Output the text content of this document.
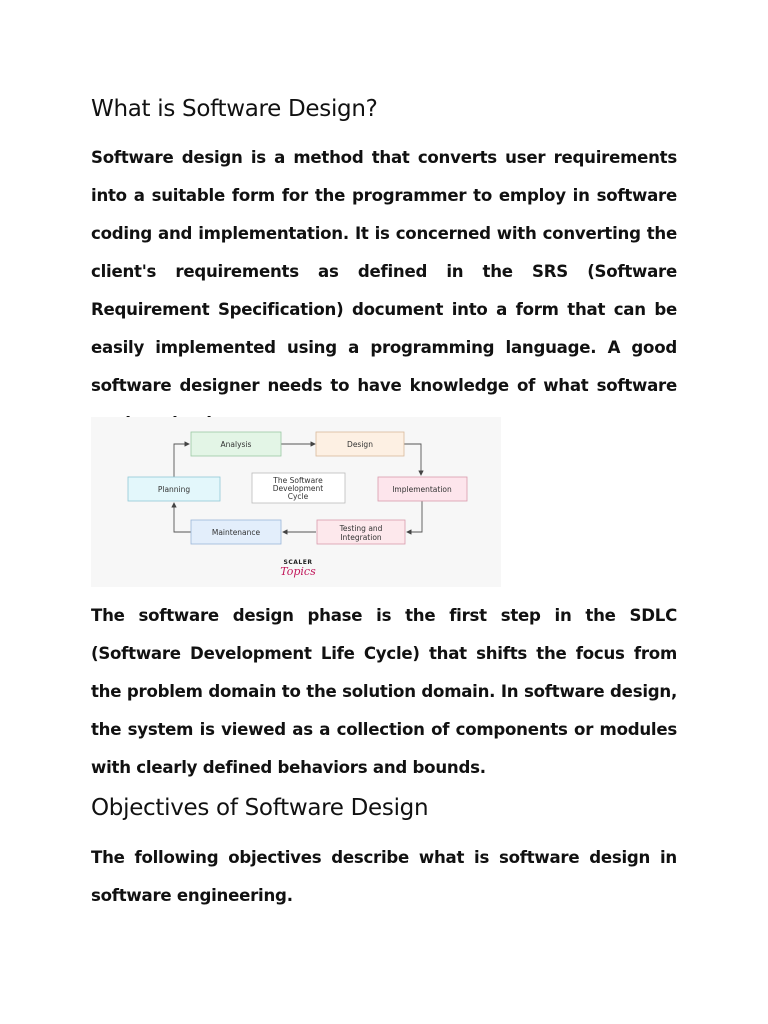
What is Software Design?

Software design is a method that converts user requirements into a suitable form for the programmer to employ in software coding and implementation. It is concerned with converting the client's requirements as defined in the SRS (Software Requirement Specification) document into a form that can be easily implemented using a programming language. A good software designer needs to have knowledge of what software

The software design phase is the first step in the SDLC (Software Development Life Cycle) that shifts the focus from the problem domain to the solution domain. In software design, the system is viewed as a collection of components or modules with clearly defined behaviors and bounds.

Objectives of Software Design

The following objectives describe what is software design in software engineering.

Analysis	Design
Planning
The Software
Development
Cycle
Implementation
Maintenance	Testing and
Integration
SCALER
Topics
